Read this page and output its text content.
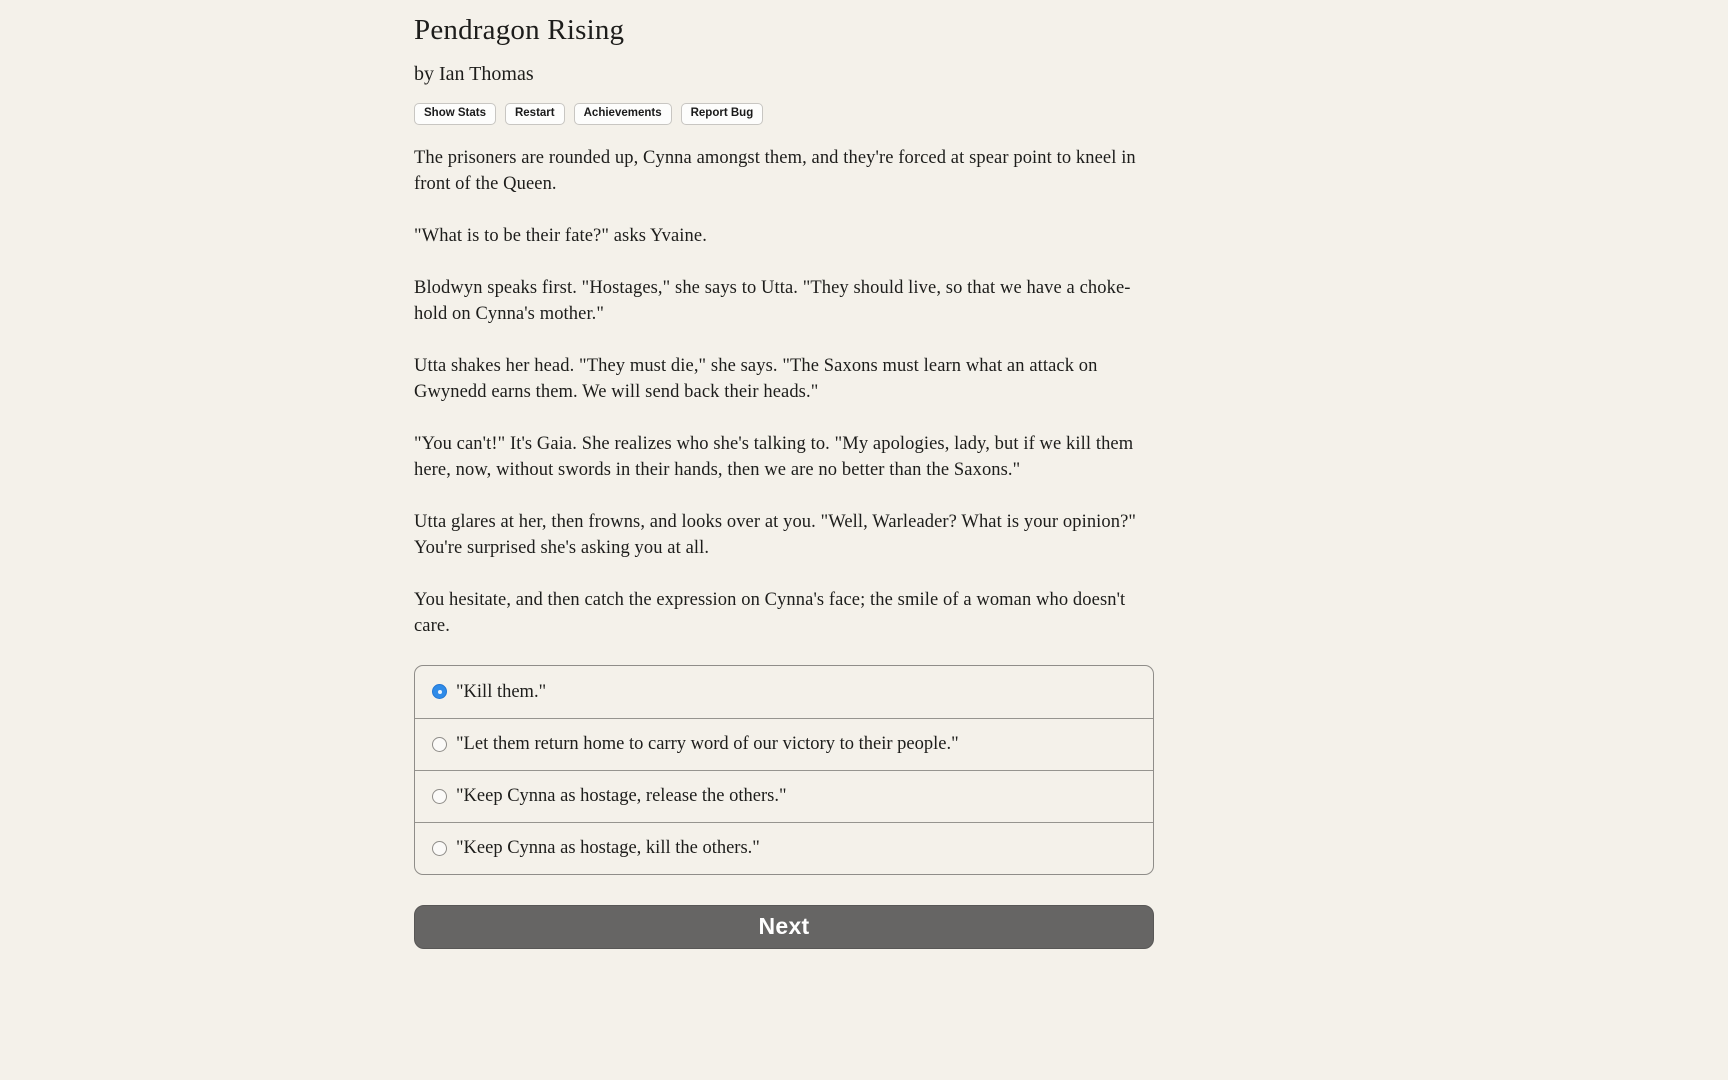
Pendragon Rising
by Ian Thomas
Show Stats	Restart	Achievements	Report Bug

The prisoners are rounded up, Cynna amongst them, and they're forced at spear point to kneel in front of the Queen.

"What is to be their fate?" asks Yvaine.

Blodwyn speaks first. "Hostages," she says to Utta. "They should live, so that we have a choke-hold on Cynna's mother."

Utta shakes her head. "They must die," she says. "The Saxons must learn what an attack on Gwynedd earns them. We will send back their heads."

"You can't!" It's Gaia. She realizes who she's talking to. "My apologies, lady, but if we kill them here, now, without swords in their hands, then we are no better than the Saxons."

Utta glares at her, then frowns, and looks over at you. "Well, Warleader? What is your opinion?" You're surprised she's asking you at all.

You hesitate, and then catch the expression on Cynna's face; the smile of a woman who doesn't care.

"Kill them."
"Let them return home to carry word of our victory to their people."
"Keep Cynna as hostage, release the others."
"Keep Cynna as hostage, kill the others."
Next
